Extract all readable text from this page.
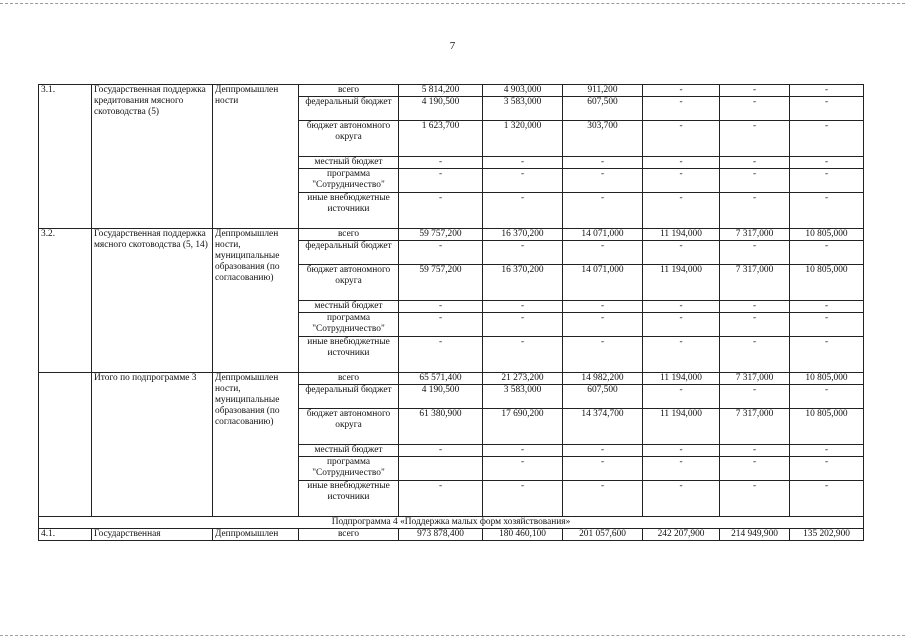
7
3.1.	Государственная поддержка кредитования мясного скотоводства (5)	Деппромышлен ности	всего	5 814,200	4 903,000	911,200	-	-	-
			федеральный бюджет	4 190,500	3 583,000	607,500	-	-	-
			бюджет автономного округа	1 623,700	1 320,000	303,700	-	-	-
			местный бюджет	-	-	-	-	-	-
			программа "Сотрудничество"	-	-	-	-	-	-
			иные внебюджетные источники	-	-	-	-	-	-
3.2.	Государственная поддержка мясного скотоводства (5, 14)	Деппромышлен ности, муниципальные образования (по согласованию)	всего	59 757,200	16 370,200	14 071,000	11 194,000	7 317,000	10 805,000
			федеральный бюджет	-	-	-	-	-	-
			бюджет автономного округа	59 757,200	16 370,200	14 071,000	11 194,000	7 317,000	10 805,000
			местный бюджет	-	-	-	-	-	-
			программа "Сотрудничество"	-	-	-	-	-	-
			иные внебюджетные источники	-	-	-	-	-	-
	Итого по подпрограмме 3	Деппромышлен ности, муниципальные образования (по согласованию)	всего	65 571,400	21 273,200	14 982,200	11 194,000	7 317,000	10 805,000
			федеральный бюджет	4 190,500	3 583,000	607,500	-	-	-
			бюджет автономного округа	61 380,900	17 690,200	14 374,700	11 194,000	7 317,000	10 805,000
			местный бюджет	-	-	-	-	-	-
			программа "Сотрудничество"		-	-	-	-	-
			иные внебюджетные источники	-	-	-	-	-	-
Подпрограмма 4 «Поддержка малых форм хозяйствования»									
4.1.	Государственная	Деппромышлен	всего	973 878,400	180 460,100	201 057,600	242 207,900	214 949,900	135 202,900
